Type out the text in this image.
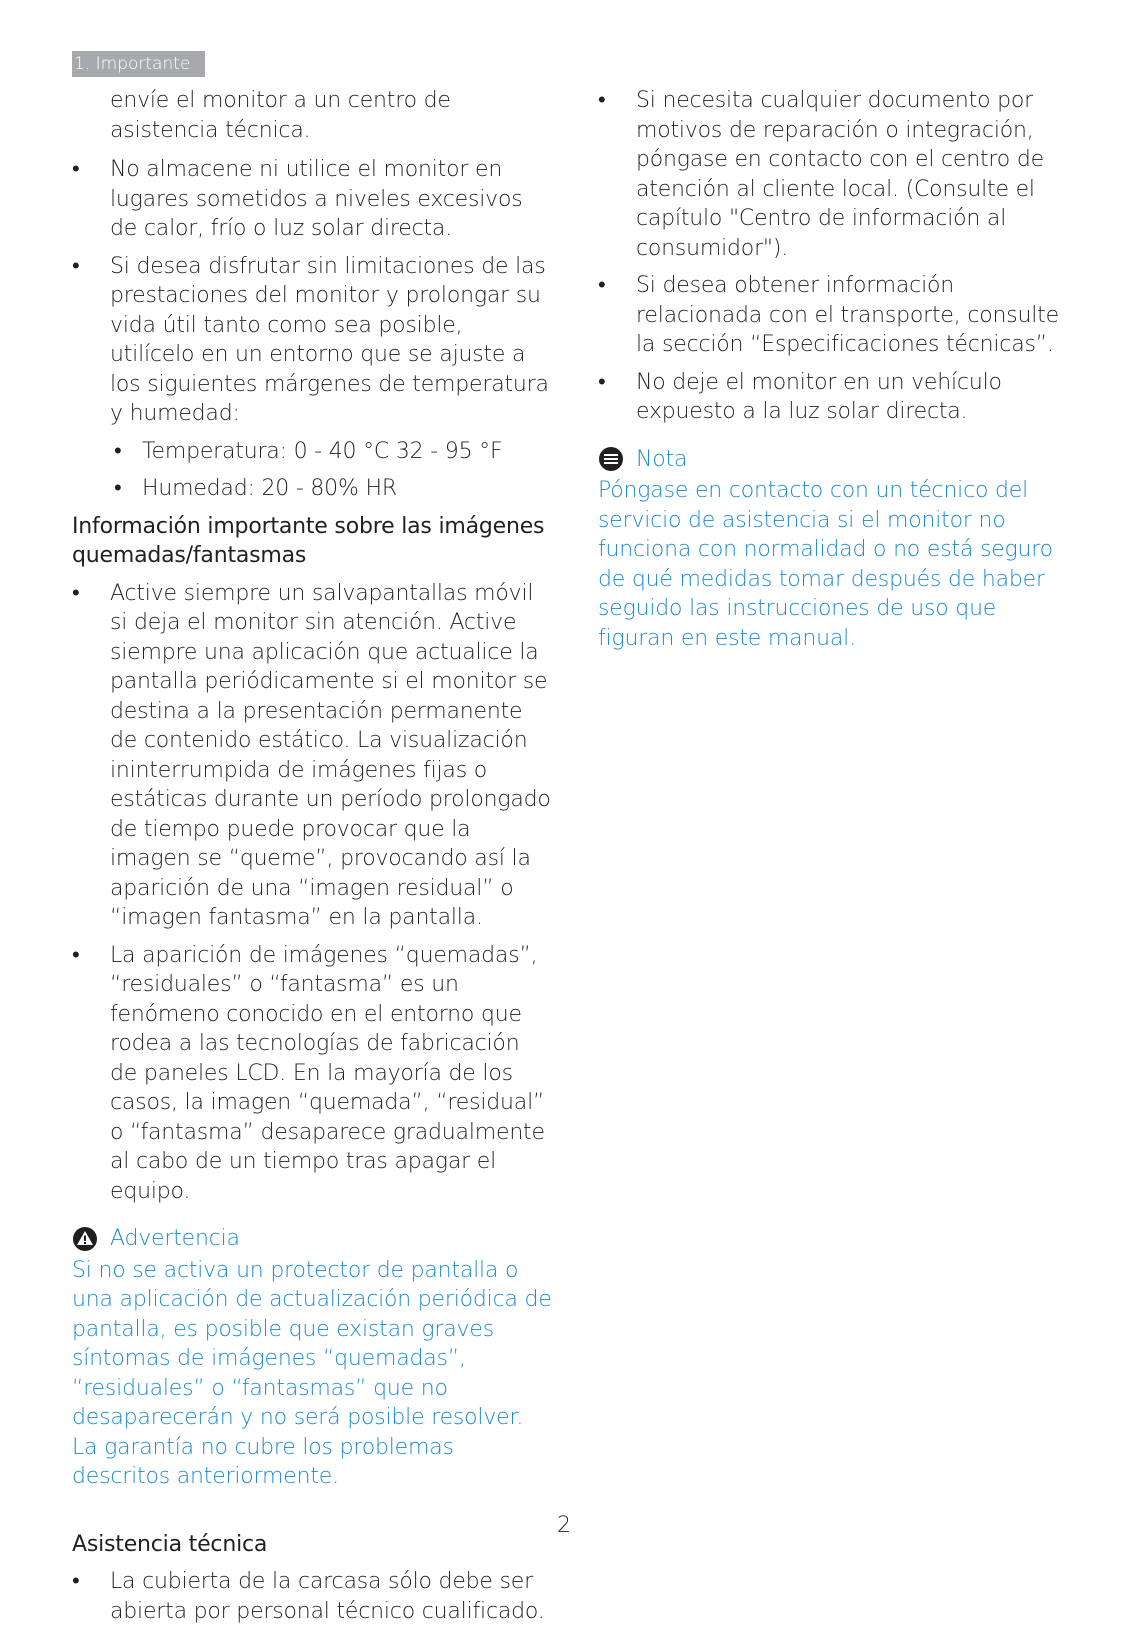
1. Importante

envíe el monitor a un centro de asistencia técnica.

•	No almacene ni utilice el monitor en lugares sometidos a niveles excesivos de calor, frío o luz solar directa.
•	Si desea disfrutar sin limitaciones de las prestaciones del monitor y prolongar su vida útil tanto como sea posible, utilícelo en un entorno que se ajuste a los siguientes márgenes de temperatura y humedad:
• Temperatura: 0 - 40 °C 32 - 95 °F
• Humedad: 20 - 80% HR
Información importante sobre las imágenes quemadas/fantasmas
•	Active siempre un salvapantallas móvil si deja el monitor sin atención. Active siempre una aplicación que actualice la pantalla periódicamente si el monitor se destina a la presentación permanente de contenido estático. La visualización ininterrumpida de imágenes fijas o estáticas durante un período prolongado de tiempo puede provocar que la imagen se “queme”, provocando así la aparición de una “imagen residual” o “imagen fantasma” en la pantalla.
•	La aparición de imágenes “quemadas”, “residuales” o “fantasma” es un fenómeno conocido en el entorno que rodea a las tecnologías de fabricación de paneles LCD. En la mayoría de los casos, la imagen “quemada”, “residual” o “fantasma” desaparece gradualmente al cabo de un tiempo tras apagar el equipo.
Advertencia
Si no se activa un protector de pantalla o una aplicación de actualización periódica de pantalla, es posible que existan graves síntomas de imágenes “quemadas”, “residuales” o “fantasmas” que no desaparecerán y no será posible resolver. La garantía no cubre los problemas descritos anteriormente.
Asistencia técnica
•	La cubierta de la carcasa sólo debe ser abierta por personal técnico cualificado.
•	Si necesita cualquier documento por motivos de reparación o integración, póngase en contacto con el centro de atención al cliente local. (Consulte el capítulo "Centro de información al consumidor").
•	Si desea obtener información relacionada con el transporte, consulte la sección “Especificaciones técnicas”.
•	No deje el monitor en un vehículo expuesto a la luz solar directa.
Nota
Póngase en contacto con un técnico del servicio de asistencia si el monitor no funciona con normalidad o no está seguro de qué medidas tomar después de haber seguido las instrucciones de uso que figuran en este manual.
2
